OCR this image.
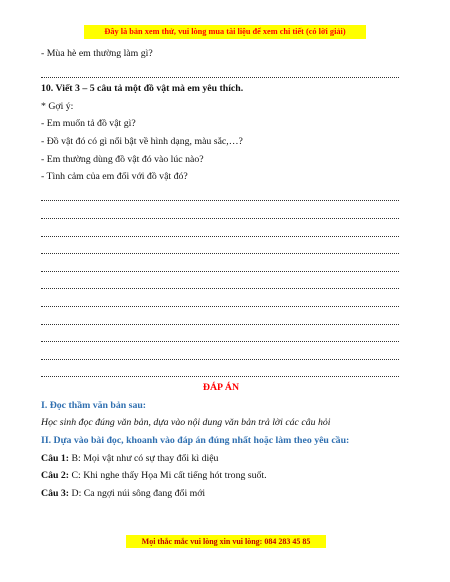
Đây là bản xem thử, vui lòng mua tài liệu để xem chi tiết (có lời giải)
- Mùa hè em thường làm gì?
10. Viết 3 – 5 câu tả một đồ vật mà em yêu thích.
* Gợi ý:
- Em muốn tả đồ vật gì?
- Đồ vật đó có gì nổi bật về hình dạng, màu sắc,…?
- Em thường dùng đồ vật đó vào lúc nào?
- Tình cảm của em đối với đồ vật đó?
ĐÁP ÁN
I. Đọc thầm văn bản sau:
Học sinh đọc đúng văn bản, dựa vào nội dung văn bản trả lời các câu hỏi
II. Dựa vào bài đọc, khoanh vào đáp án đúng nhất hoặc làm theo yêu cầu:
Câu 1: B: Mọi vật như có sự thay đổi kì diệu
Câu 2: C: Khi nghe thấy Họa Mi cất tiếng hót trong suốt.
Câu 3: D: Ca ngợi núi sông đang đổi mới
Mọi thắc mắc vui lòng xin vui lòng: 084 283 45 85
